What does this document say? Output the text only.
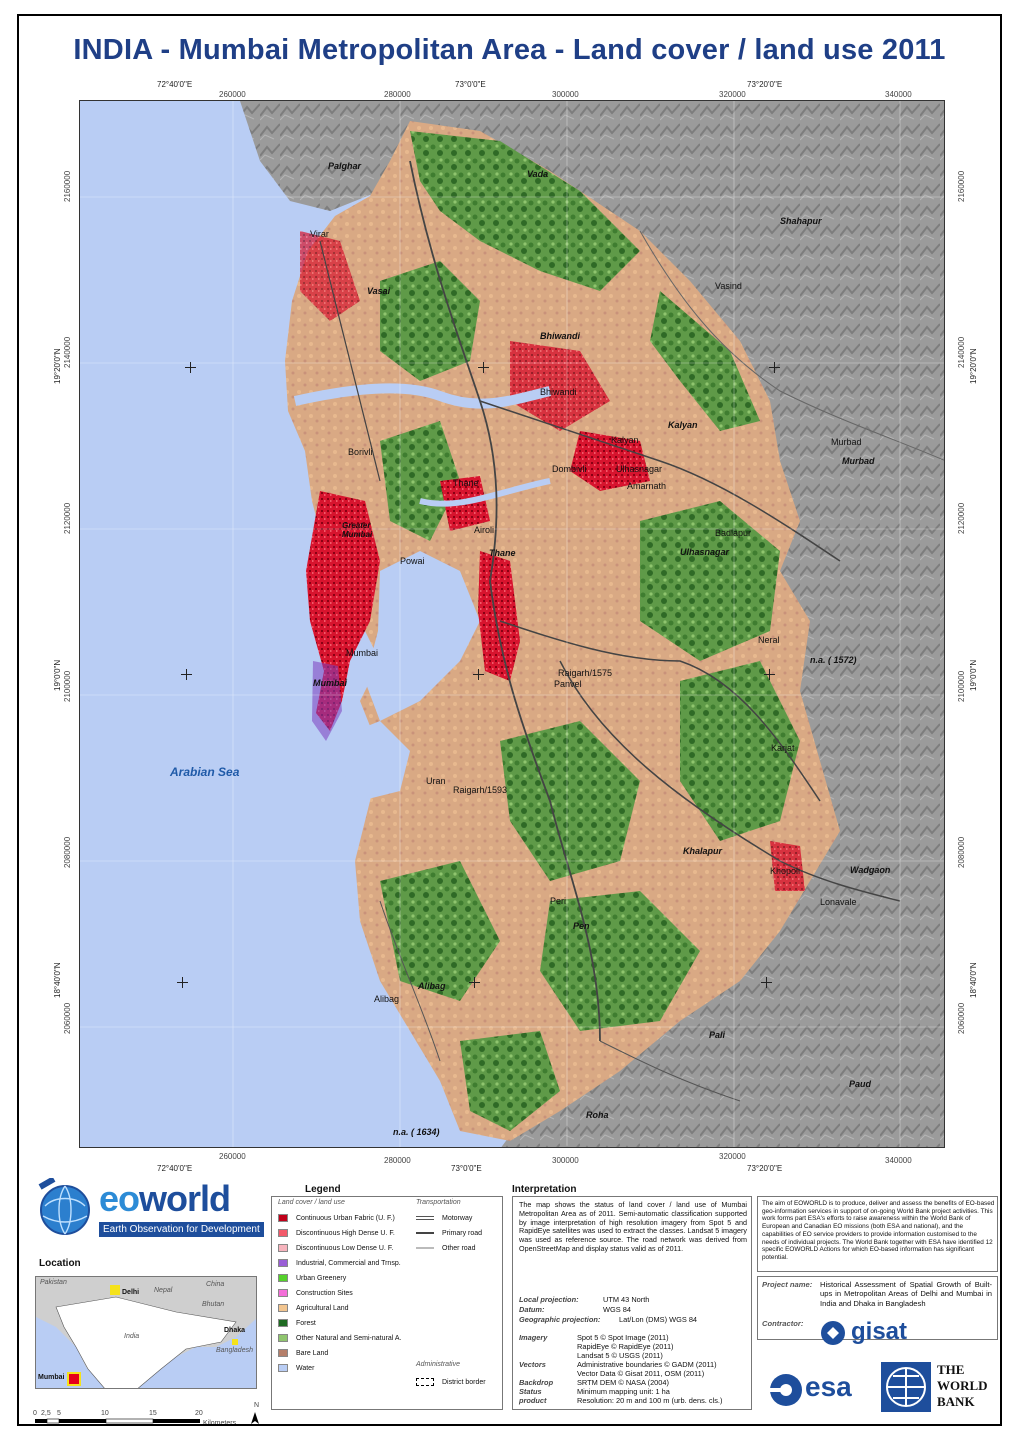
INDIA - Mumbai Metropolitan Area - Land cover / land use 2011
72°40'0"E	73°0'0"E	73°20'0"E
260000	280000	300000	320000	340000
2160000
2140000
2120000
2100000
2080000
2060000
19°20'0"N
19°0'0"N
18°40'0"N
2160000
2140000
2120000
2100000
2080000
2060000
19°20'0"N
19°0'0"N
18°40'0"N
Arabian Sea
Palghar
Vada
Shahapur
Vasai
Bhiwandi
Kalyan
Murbad
Thane	Ulhasnagar
Mumbai
n.a. ( 1572)
Khalapur
Wadgaon
Pen
Alibag
Pali
Paud
Roha
n.a. ( 1634)
Greater Mumbai
Virar
Vasind
Bhiwandi
Kalyan	Murbad
Borivli
Dombivli	Ulhasnagar
Amarnath
Thane
Airoli	Badlapur
Powai
Neral
Mumbai
Raigarh/1575
Panvel
Karjat
Uran
Raigarh/1593
Khopoli
Lonavale
Peri
Alibag
260000	280000	300000	320000	340000
72°40'0"E	73°0'0"E	73°20'0"E
eoworld
Earth Observation for Development
Location
Pakistan	China
Nepal
Delhi
Bhutan
India
Dhaka
Bangladesh
Mumbai
0 2,5 5	10	15	20
Kilometers
N
Legend
Land cover / land use	Transportation
Administrative
Continuous Urban Fabric (U. F.)
Discontinuous High Dense U. F.
Discontinuous Low Dense U. F.
Industrial, Commercial and Trnsp.
Urban Greenery
Construction Sites
Agricultural Land
Forest
Other Natural and Semi-natural A.
Bare Land
Water
Motorway
Primary road
Other road
District border
Interpretation
The map shows the status of land cover / land use of Mumbai Metropolitan Area as of 2011. Semi-automatic classification supported by image interpretation of high resolution imagery from Spot 5 and RapidEye satellites was used to extract the classes. Landsat 5 imagery was used as reference source. The road network was derived from OpenStreetMap and display status valid as of 2011.
Local projection:	UTM 43 North
Datum:	WGS 84
Geographic projection:	Lat/Lon (DMS) WGS 84
Imagery	Spot 5 © Spot Image (2011)
RapidEye © RapidEye (2011)
Landsat 5 © USGS (2011)
Vectors	Administrative boundaries © GADM (2011)
Vector Data © Gisat 2011, OSM (2011)
Backdrop	SRTM DEM © NASA (2004)
Status	Minimum mapping unit: 1 ha
product	Resolution: 20 m and 100 m (urb. dens. cls.)
The aim of EOWORLD is to produce, deliver and assess the benefits of EO-based geo-information services in support of on-going World Bank project activities. This work forms part ESA's efforts to raise awareness within the World Bank of European and Canadian EO missions (both ESA and national), and the capabilities of EO service providers to provide information customised to the needs of individual projects. The World Bank together with ESA have identified 12 specific EOWORLD Actions for which EO-based information has significant potential.
Project name: Historical Assessment of Spatial Growth of Built-ups in Metropolitan Areas of Delhi and Mumbai in India and Dhaka in Bangladesh
Contractor: gisat
esa
THE
WORLD
BANK
